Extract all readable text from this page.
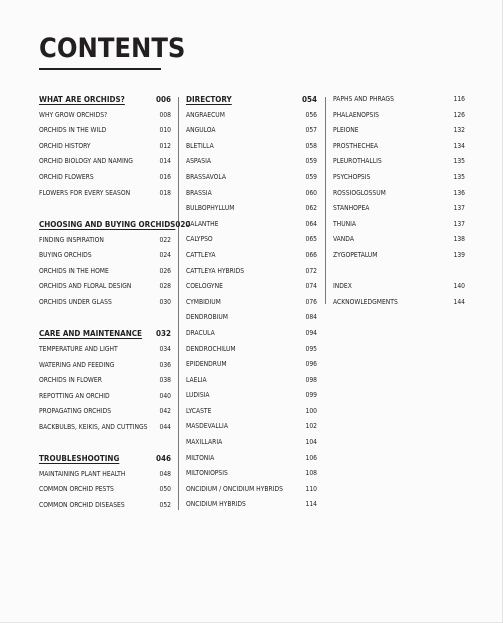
CONTENTS
WHAT ARE ORCHIDS?	006
WHY GROW ORCHIDS?	008
ORCHIDS IN THE WILD	010
ORCHID HISTORY	012
ORCHID BIOLOGY AND NAMING	014
ORCHID FLOWERS	016
FLOWERS FOR EVERY SEASON	018
CHOOSING AND BUYING ORCHIDS 020
FINDING INSPIRATION	022
BUYING ORCHIDS	024
ORCHIDS IN THE HOME	026
ORCHIDS AND FLORAL DESIGN	028
ORCHIDS UNDER GLASS	030
CARE AND MAINTENANCE 032
TEMPERATURE AND LIGHT	034
WATERING AND FEEDING	036
ORCHIDS IN FLOWER	038
REPOTTING AN ORCHID	040
PROPAGATING ORCHIDS	042
BACKBULBS, KEIKIS, AND CUTTINGS 044
TROUBLESHOOTING	046
MAINTAINING PLANT HEALTH	048
COMMON ORCHID PESTS	050
COMMON ORCHID DISEASES	052
DIRECTORY	054
ANGRAECUM	056
ANGULOA	057
BLETILLA	058
ASPASIA	059
BRASSAVOLA	059
BRASSIA	060
BULBOPHYLLUM	062
CALANTHE	064
CALYPSO	065
CATTLEYA	066
CATTLEYA HYBRIDS	072
COELOGYNE	074
CYMBIDIUM	076
DENDROBIUM	084
DRACULA	094
DENDROCHILUM	095
EPIDENDRUM	096
LAELIA	098
LUDISIA	099
LYCASTE	100
MASDEVALLIA	102
MAXILLARIA	104
MILTONIA	106
MILTONIOPSIS	108
ONCIDIUM / ONCIDIUM HYBRIDS	110
ONCIDIUM HYBRIDS	114
PAPHS AND PHRAGS	116
PHALAENOPSIS	126
PLEIONE	132
PROSTHECHEA	134
PLEUROTHALLIS	135
PSYCHOPSIS	135
ROSSIOGLOSSUM	136
STANHOPEA	137
THUNIA	137
VANDA	138
ZYGOPETALUM	139
INDEX	140
ACKNOWLEDGMENTS	144
